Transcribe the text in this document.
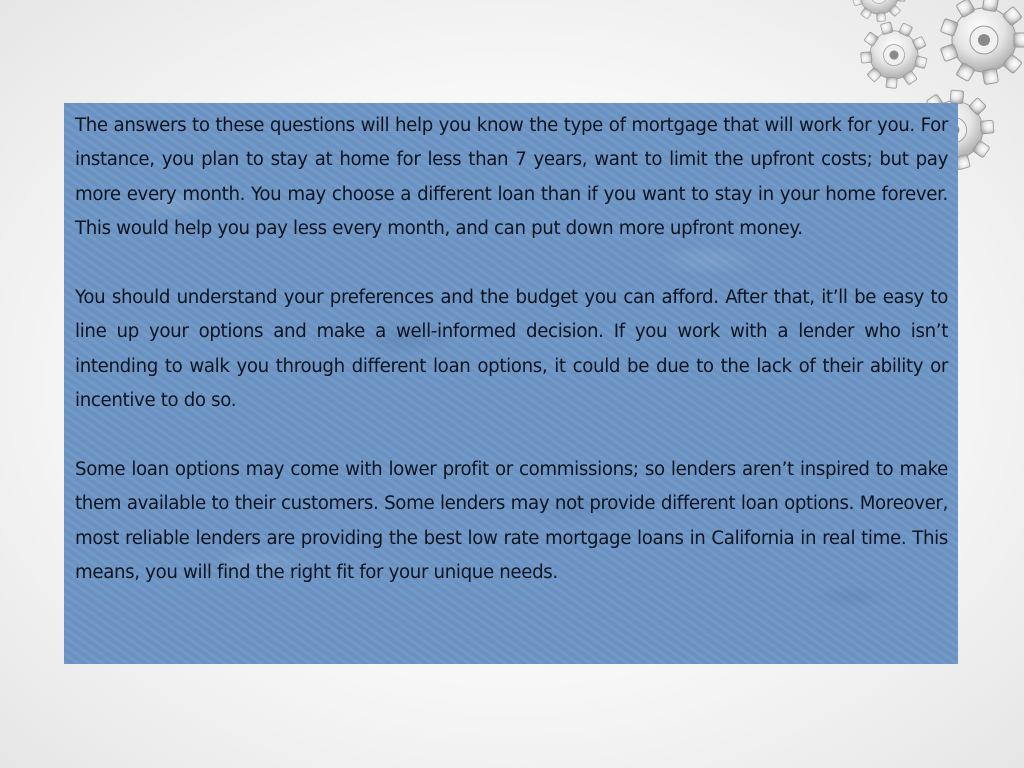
The answers to these questions will help you know the type of mortgage that will work for you. For instance, you plan to stay at home for less than 7 years, want to limit the upfront costs; but pay more every month. You may choose a different loan than if you want to stay in your home forever. This would help you pay less every month, and can put down more upfront money.

You should understand your preferences and the budget you can afford. After that, it’ll be easy to line up your options and make a well-informed decision. If you work with a lender who isn’t intending to walk you through different loan options, it could be due to the lack of their ability or incentive to do so.

Some loan options may come with lower profit or commissions; so lenders aren’t inspired to make them available to their customers. Some lenders may not provide different loan options. Moreover, most reliable lenders are providing the best low rate mortgage loans in California in real time. This means, you will find the right fit for your unique needs.
